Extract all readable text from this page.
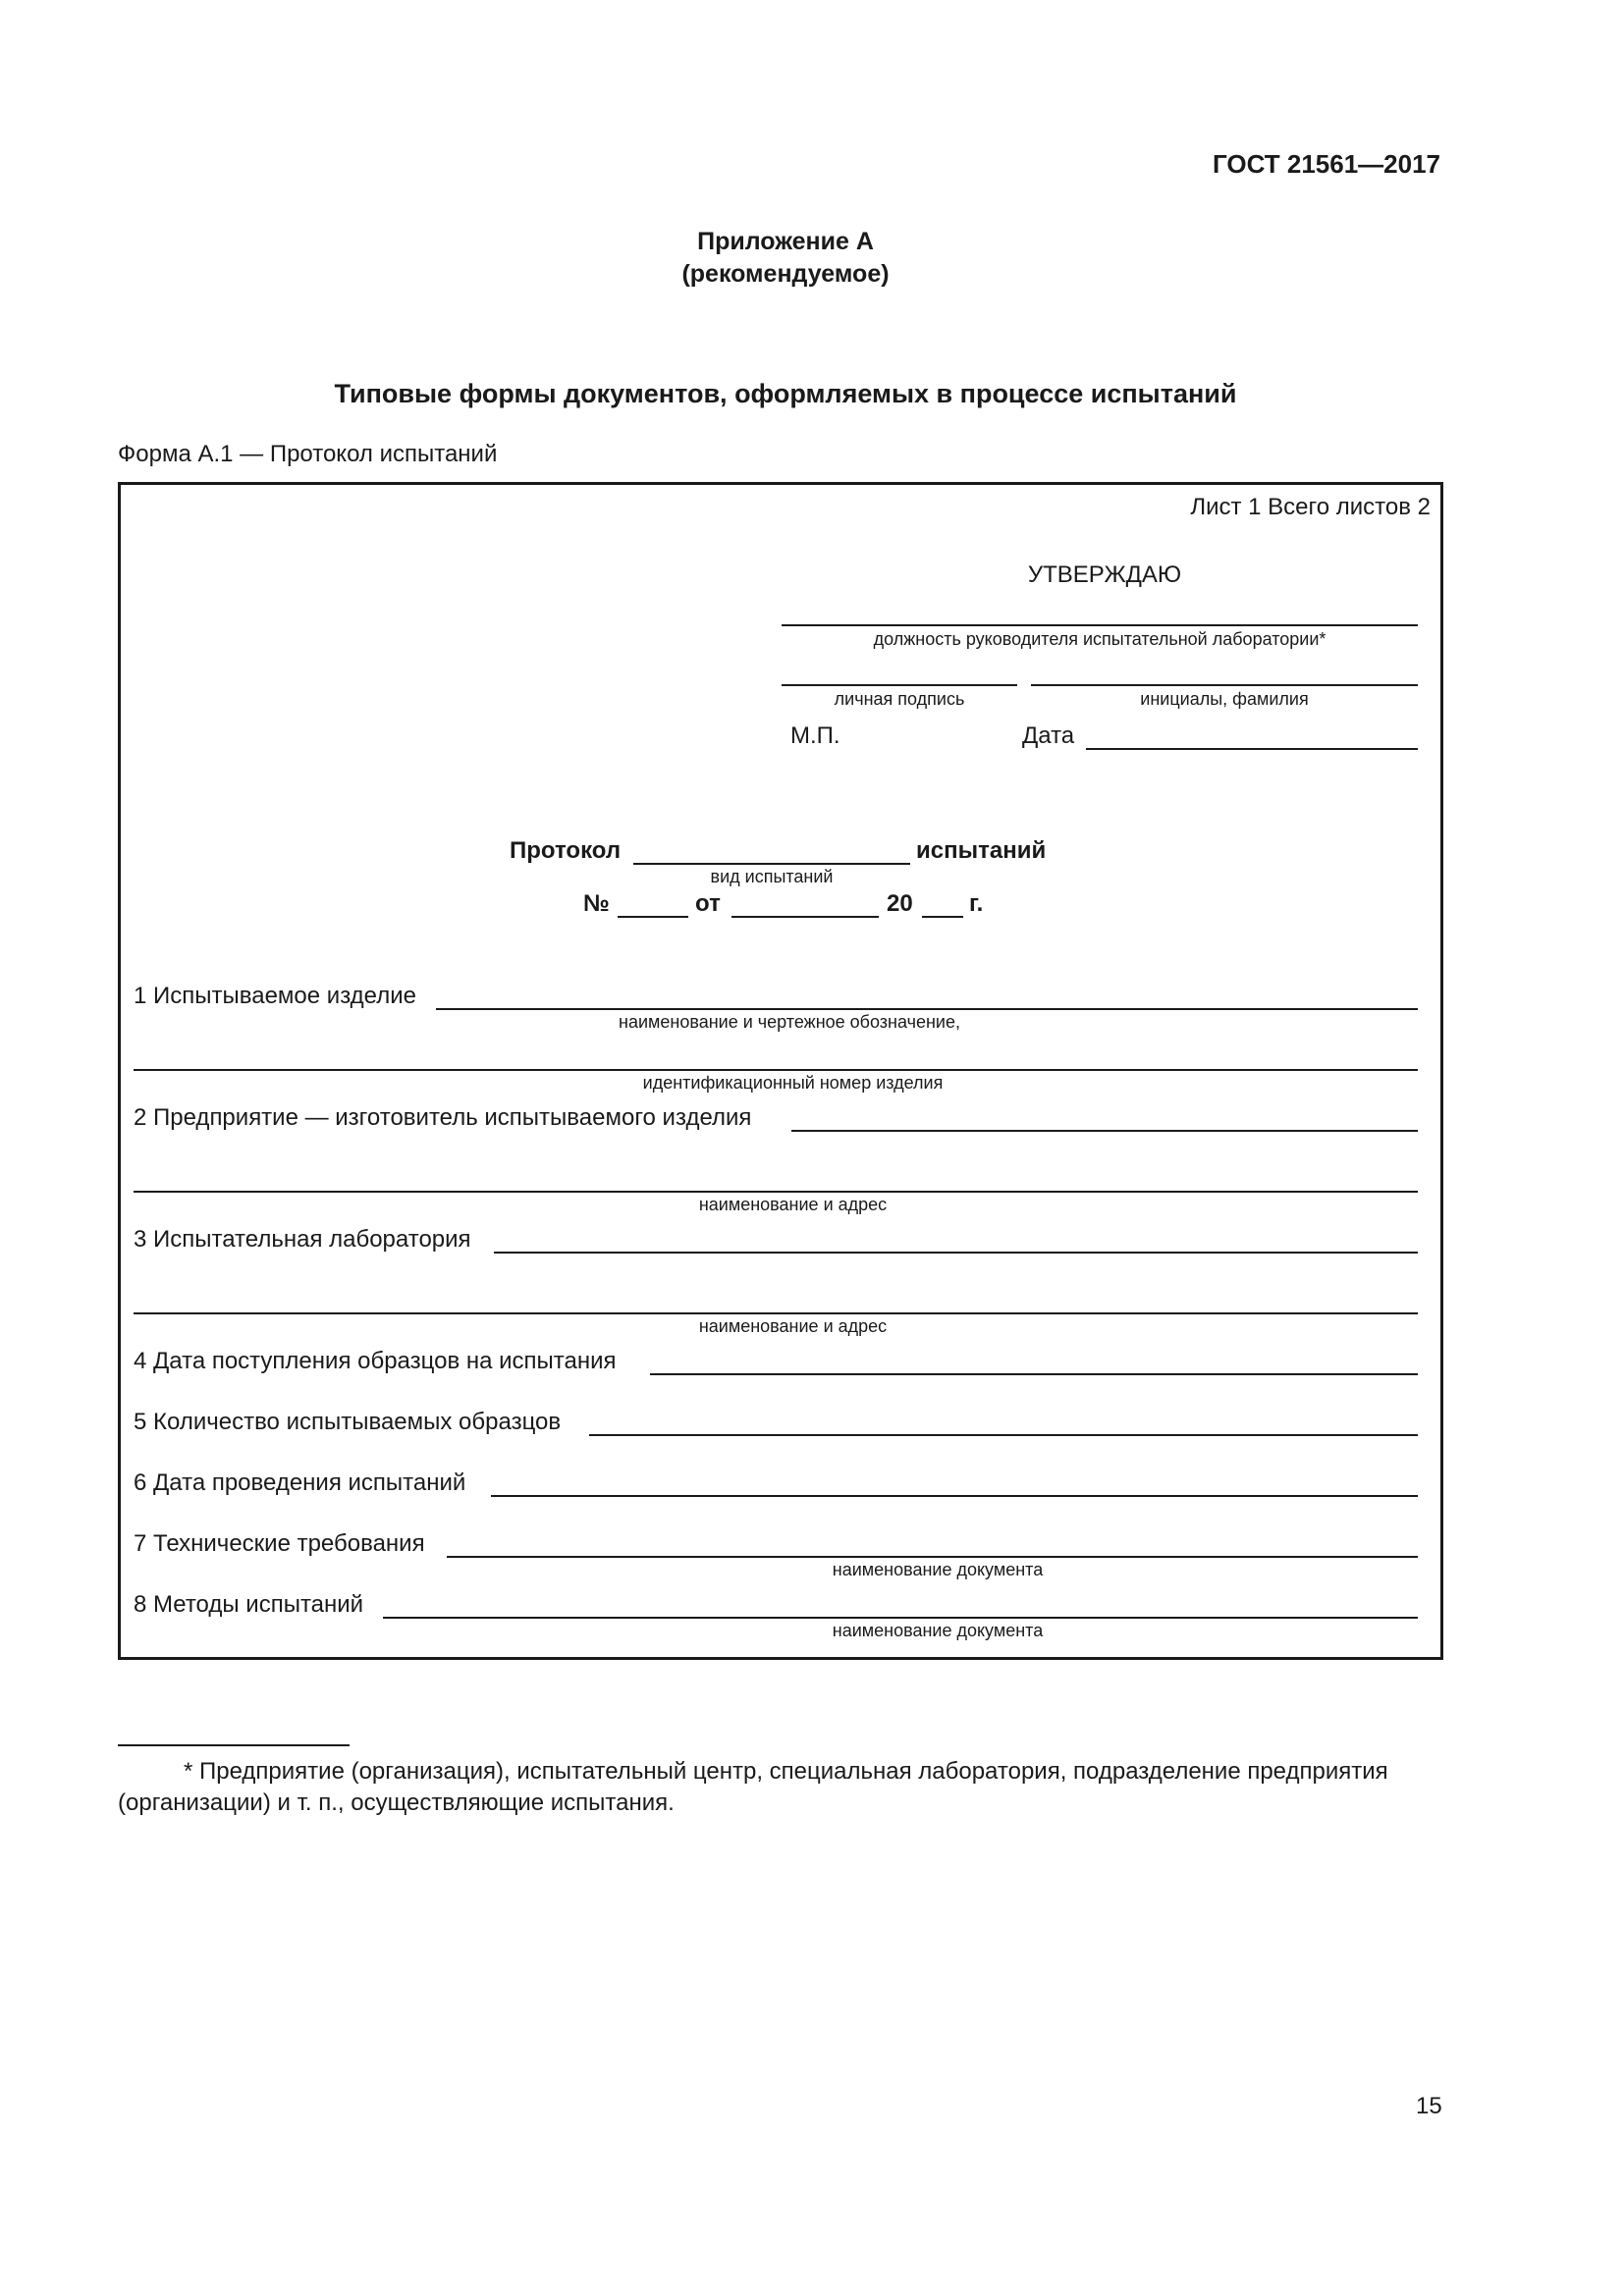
ГОСТ 21561—2017
Приложение А
(рекомендуемое)
Типовые формы документов, оформляемых в процессе испытаний
Форма А.1 — Протокол испытаний
Лист 1 Всего листов 2
УТВЕРЖДАЮ
должность руководителя испытательной лаборатории*
личная подпись	инициалы, фамилия
М.П.	Дата
Протокол
вид испытаний
испытаний
№	от	20 г.
1 Испытываемое изделие
наименование и чертежное обозначение,
идентификационный номер изделия
2 Предприятие — изготовитель испытываемого изделия
наименование и адрес
3 Испытательная лаборатория
наименование и адрес
4 Дата поступления образцов на испытания
5 Количество испытываемых образцов
6 Дата проведения испытаний
7 Технические требования
наименование документа
8 Методы испытаний
наименование документа
* Предприятие (организация), испытательный центр, специальная лаборатория, подразделение предприятия (организации) и т. п., осуществляющие испытания.
15
